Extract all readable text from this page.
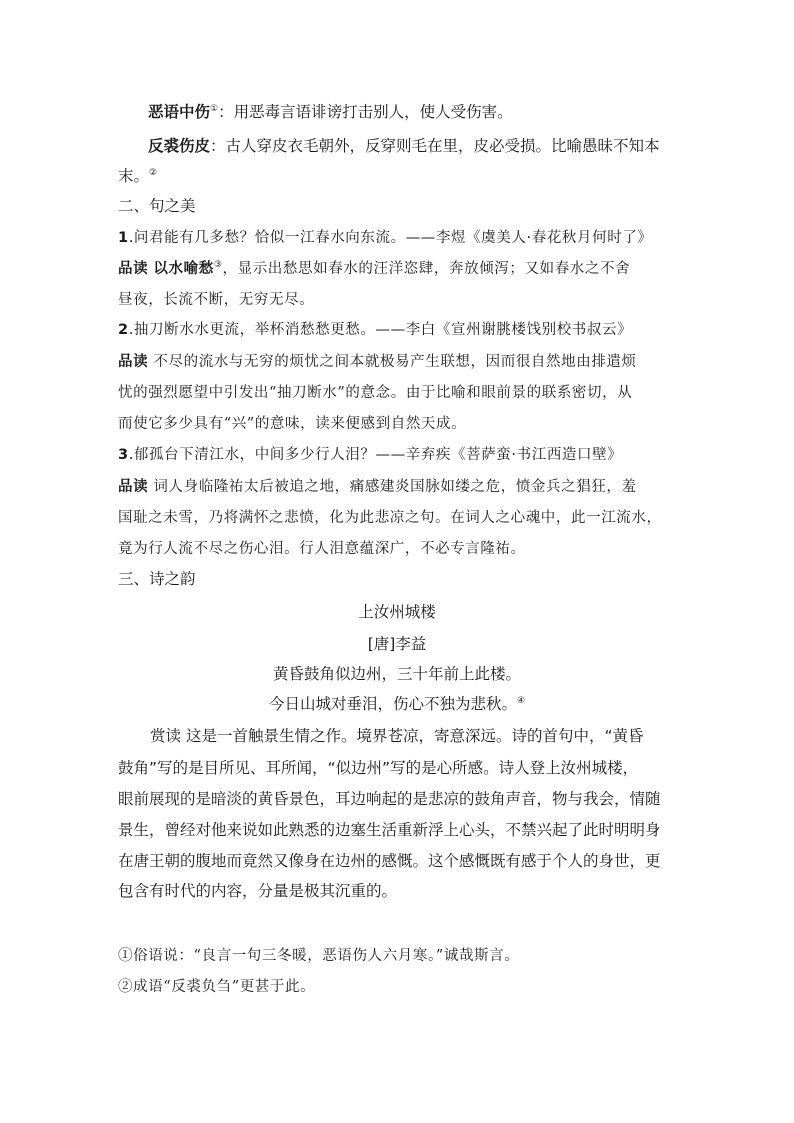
恶语中伤①：用恶毒言语诽谤打击别人，使人受伤害。
反裘伤皮：古人穿皮衣毛朝外，反穿则毛在里，皮必受损。比喻愚昧不知本
末。②
二、句之美
1.问君能有几多愁？恰似一江春水向东流。——李煜《虞美人·春花秋月何时了》
品读 以水喻愁③，显示出愁思如春水的汪洋恣肆，奔放倾泻；又如春水之不舍
昼夜，长流不断，无穷无尽。
2.抽刀断水水更流，举杯消愁愁更愁。——李白《宣州谢朓楼饯别校书叔云》
品读 不尽的流水与无穷的烦忧之间本就极易产生联想，因而很自然地由排遣烦
忧的强烈愿望中引发出“抽刀断水”的意念。由于比喻和眼前景的联系密切，从
而使它多少具有“兴”的意味，读来便感到自然天成。
3.郁孤台下清江水，中间多少行人泪？——辛弃疾《菩萨蛮·书江西造口壁》
品读 词人身临隆祐太后被追之地，痛感建炎国脉如缕之危，愤金兵之猖狂，羞
国耻之未雪，乃将满怀之悲愤，化为此悲凉之句。在词人之心魂中，此一江流水，
竟为行人流不尽之伤心泪。行人泪意蕴深广，不必专言隆祐。
三、诗之韵
上汝州城楼
[唐]李益
黄昏鼓角似边州，三十年前上此楼。
今日山城对垂泪，伤心不独为悲秋。④
赏读 这是一首触景生情之作。境界苍凉，寄意深远。诗的首句中，“黄昏
鼓角”写的是目所见、耳所闻，“似边州”写的是心所感。诗人登上汝州城楼，
眼前展现的是暗淡的黄昏景色，耳边响起的是悲凉的鼓角声音，物与我会，情随
景生，曾经对他来说如此熟悉的边塞生活重新浮上心头，不禁兴起了此时明明身
在唐王朝的腹地而竟然又像身在边州的感慨。这个感慨既有感于个人的身世，更
包含有时代的内容，分量是极其沉重的。
①俗语说：“良言一句三冬暖，恶语伤人六月寒。”诚哉斯言。
②成语“反裘负刍”更甚于此。
